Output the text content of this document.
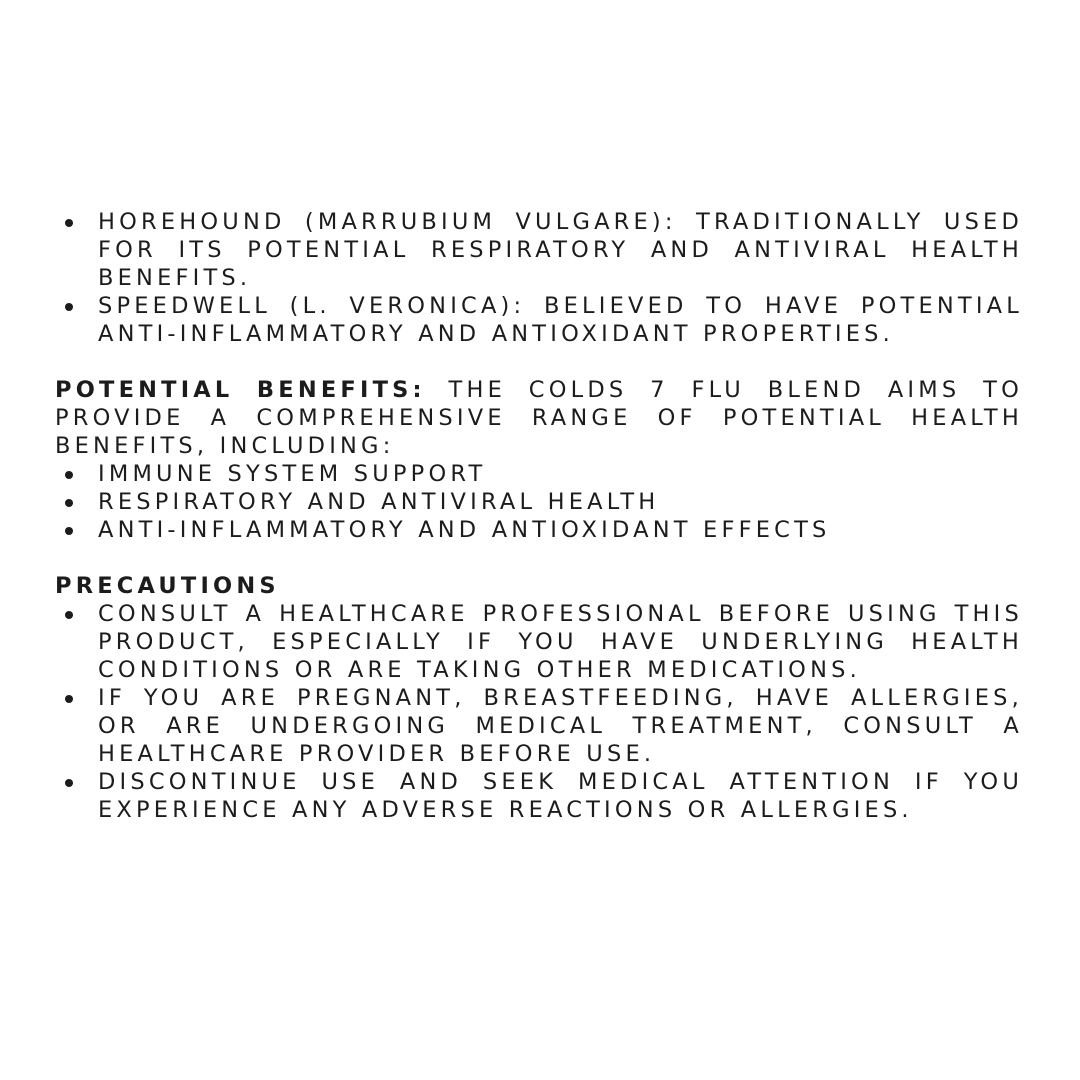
HOREHOUND (MARRUBIUM VULGARE): TRADITIONALLY USED FOR ITS POTENTIAL RESPIRATORY AND ANTIVIRAL HEALTH BENEFITS.
SPEEDWELL (L. VERONICA): BELIEVED TO HAVE POTENTIAL ANTI-INFLAMMATORY AND ANTIOXIDANT PROPERTIES.

POTENTIAL BENEFITS: THE COLDS 7 FLU BLEND AIMS TO PROVIDE A COMPREHENSIVE RANGE OF POTENTIAL HEALTH BENEFITS, INCLUDING:

IMMUNE SYSTEM SUPPORT
RESPIRATORY AND ANTIVIRAL HEALTH
ANTI-INFLAMMATORY AND ANTIOXIDANT EFFECTS

PRECAUTIONS

CONSULT A HEALTHCARE PROFESSIONAL BEFORE USING THIS PRODUCT, ESPECIALLY IF YOU HAVE UNDERLYING HEALTH CONDITIONS OR ARE TAKING OTHER MEDICATIONS.
IF YOU ARE PREGNANT, BREASTFEEDING, HAVE ALLERGIES, OR ARE UNDERGOING MEDICAL TREATMENT, CONSULT A HEALTHCARE PROVIDER BEFORE USE.
DISCONTINUE USE AND SEEK MEDICAL ATTENTION IF YOU EXPERIENCE ANY ADVERSE REACTIONS OR ALLERGIES.
